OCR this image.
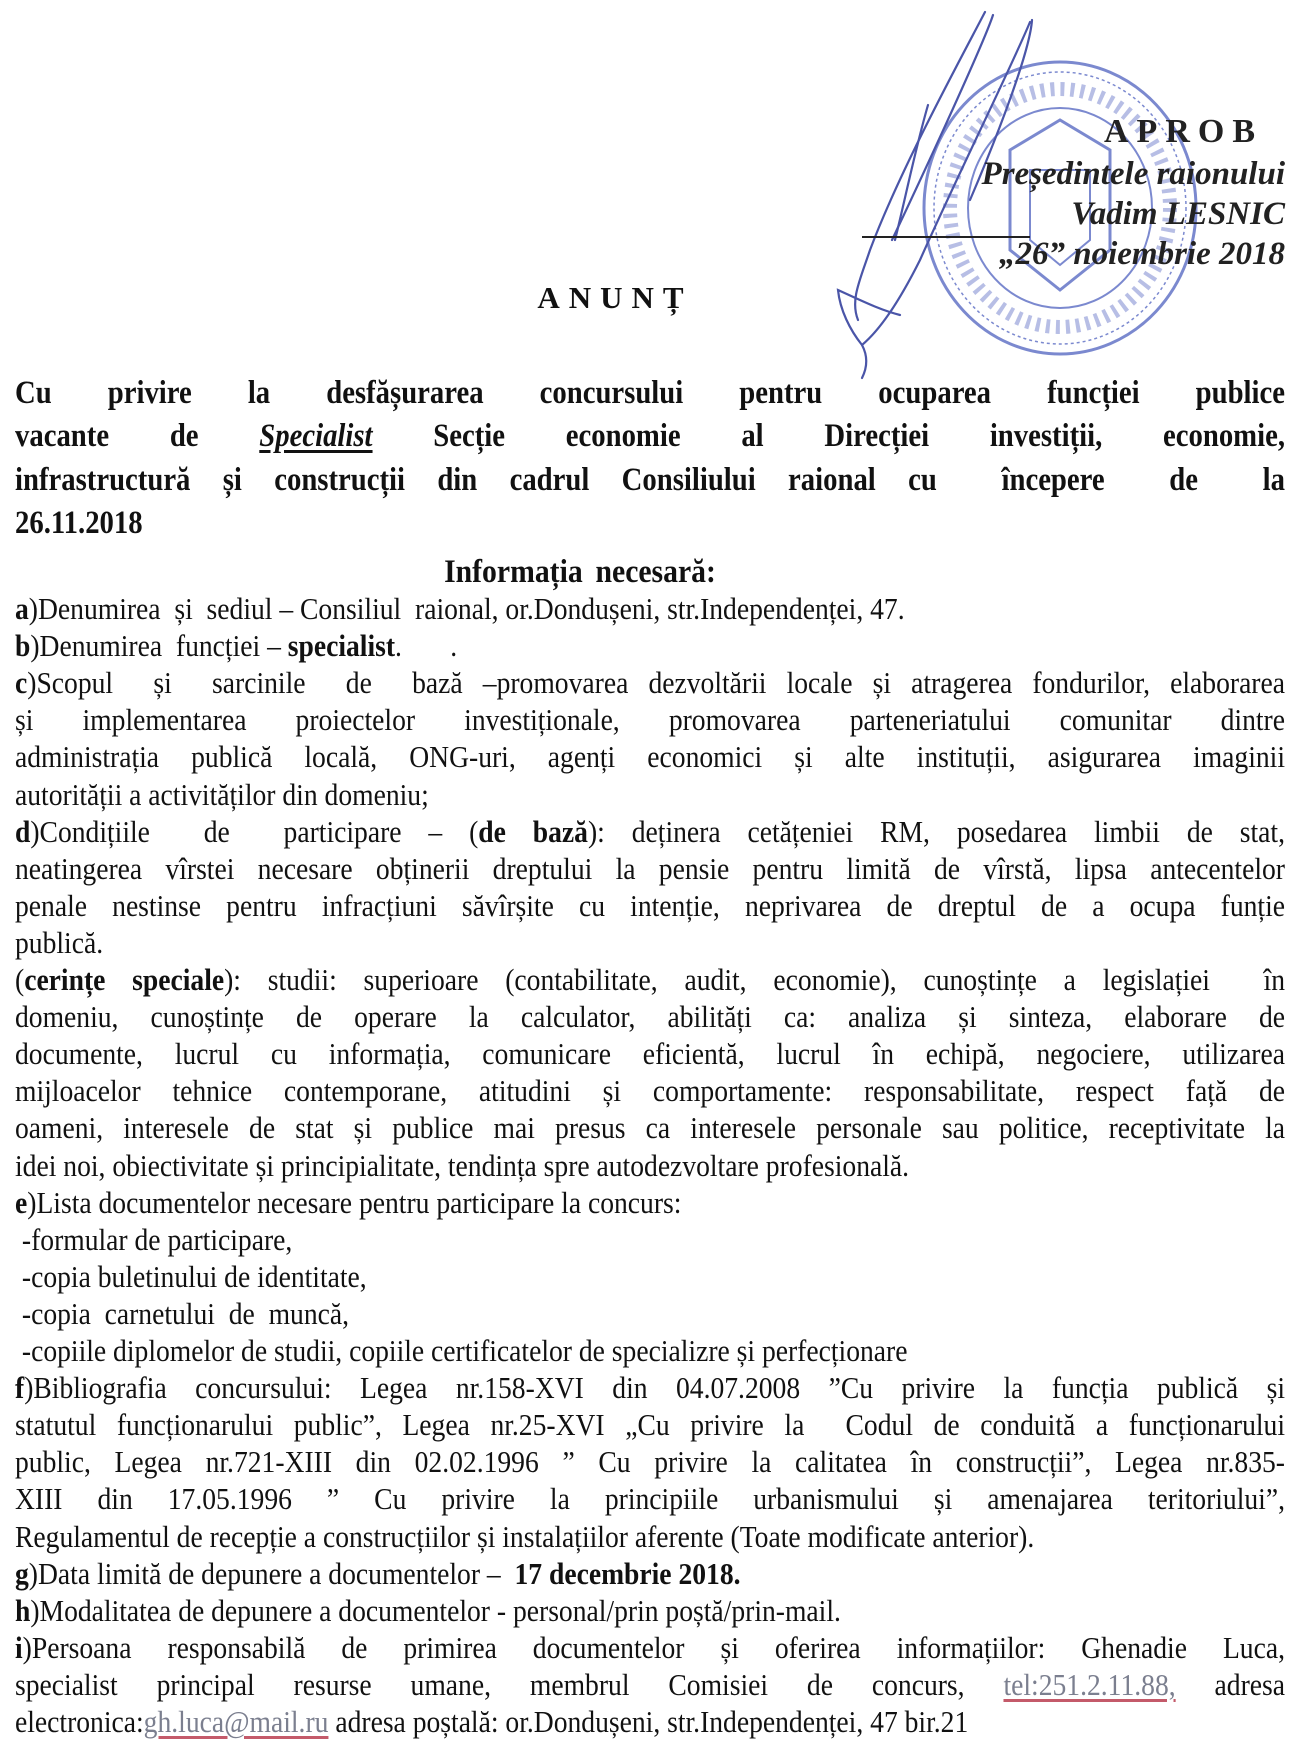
APROB
Președintele raionului
Vadim LESNIC
„26” noiembrie 2018
ANUNȚ
Cu privire la desfășurarea concursului pentru ocuparea funcției publice
vacante de Specialist Secție economie al Direcției investiții, economie,
infrastructură și construcții din cadrul Consiliului raional cu  începere  de  la
26.11.2018
Informația necesară:
a)Denumirea  și  sediul – Consiliul  raional, or.Dondușeni, str.Independenței, 47.
b)Denumirea  funcției – specialist.       .
c)Scopul  și  sarcinile  de  bază –promovarea dezvoltării locale și atragerea fondurilor, elaborarea
și  implementarea  proiectelor  investiționale,  promovarea  parteneriatului  comunitar  dintre
administrația publică locală, ONG-uri, agenți economici și alte instituții, asigurarea imaginii
autorității a activităților din domeniu;
d)Condițiile  de  participare – (de bază): deținera cetățeniei RM, posedarea limbii de stat,
neatingerea vîrstei necesare obținerii dreptului la pensie pentru limită de vîrstă, lipsa antecentelor
penale nestinse pentru infracțiuni săvîrșite cu intenție, neprivarea de dreptul de a ocupa funție
publică.
(cerințe speciale): studii: superioare (contabilitate, audit, economie), cunoștințe a legislației  în
domeniu, cunoștințe de operare la calculator, abilități ca: analiza și sinteza, elaborare de
documente, lucrul cu informația, comunicare eficientă, lucrul în echipă, negociere, utilizarea
mijloacelor tehnice contemporane, atitudini și comportamente: responsabilitate, respect față de
oameni, interesele de stat și publice mai presus ca interesele personale sau politice, receptivitate la
idei noi, obiectivitate și principialitate, tendința spre autodezvoltare profesională.
e)Lista documentelor necesare pentru participare la concurs:
-formular de participare,
-copia buletinului de identitate,
-copia  carnetului  de  muncă,
-copiile diplomelor de studii, copiile certificatelor de specializre și perfecționare
f)Bibliografia concursului: Legea nr.158-XVI din 04.07.2008 ”Cu privire la funcția publică și
statutul funcționarului public”, Legea nr.25-XVI „Cu privire la  Codul de conduită a funcționarului
public, Legea nr.721-XIII din 02.02.1996 ” Cu privire la calitatea în construcții”, Legea nr.835-
XIII  din  17.05.1996  ”  Cu  privire  la  principiile  urbanismului  și  amenajarea  teritoriului”,
Regulamentul de recepție a construcțiilor și instalațiilor aferente (Toate modificate anterior).
g)Data limită de depunere a documentelor –  17 decembrie 2018.
h)Modalitatea de depunere a documentelor - personal/prin poștă/prin-mail.
i)Persoana responsabilă de primirea documentelor și oferirea informațiilor: Ghenadie Luca,
specialist principal resurse umane, membrul Comisiei de concurs, tel:251.2.11.88, adresa
electronica:gh.luca@mail.ru adresa poștală: or.Dondușeni, str.Independenței, 47 bir.21
